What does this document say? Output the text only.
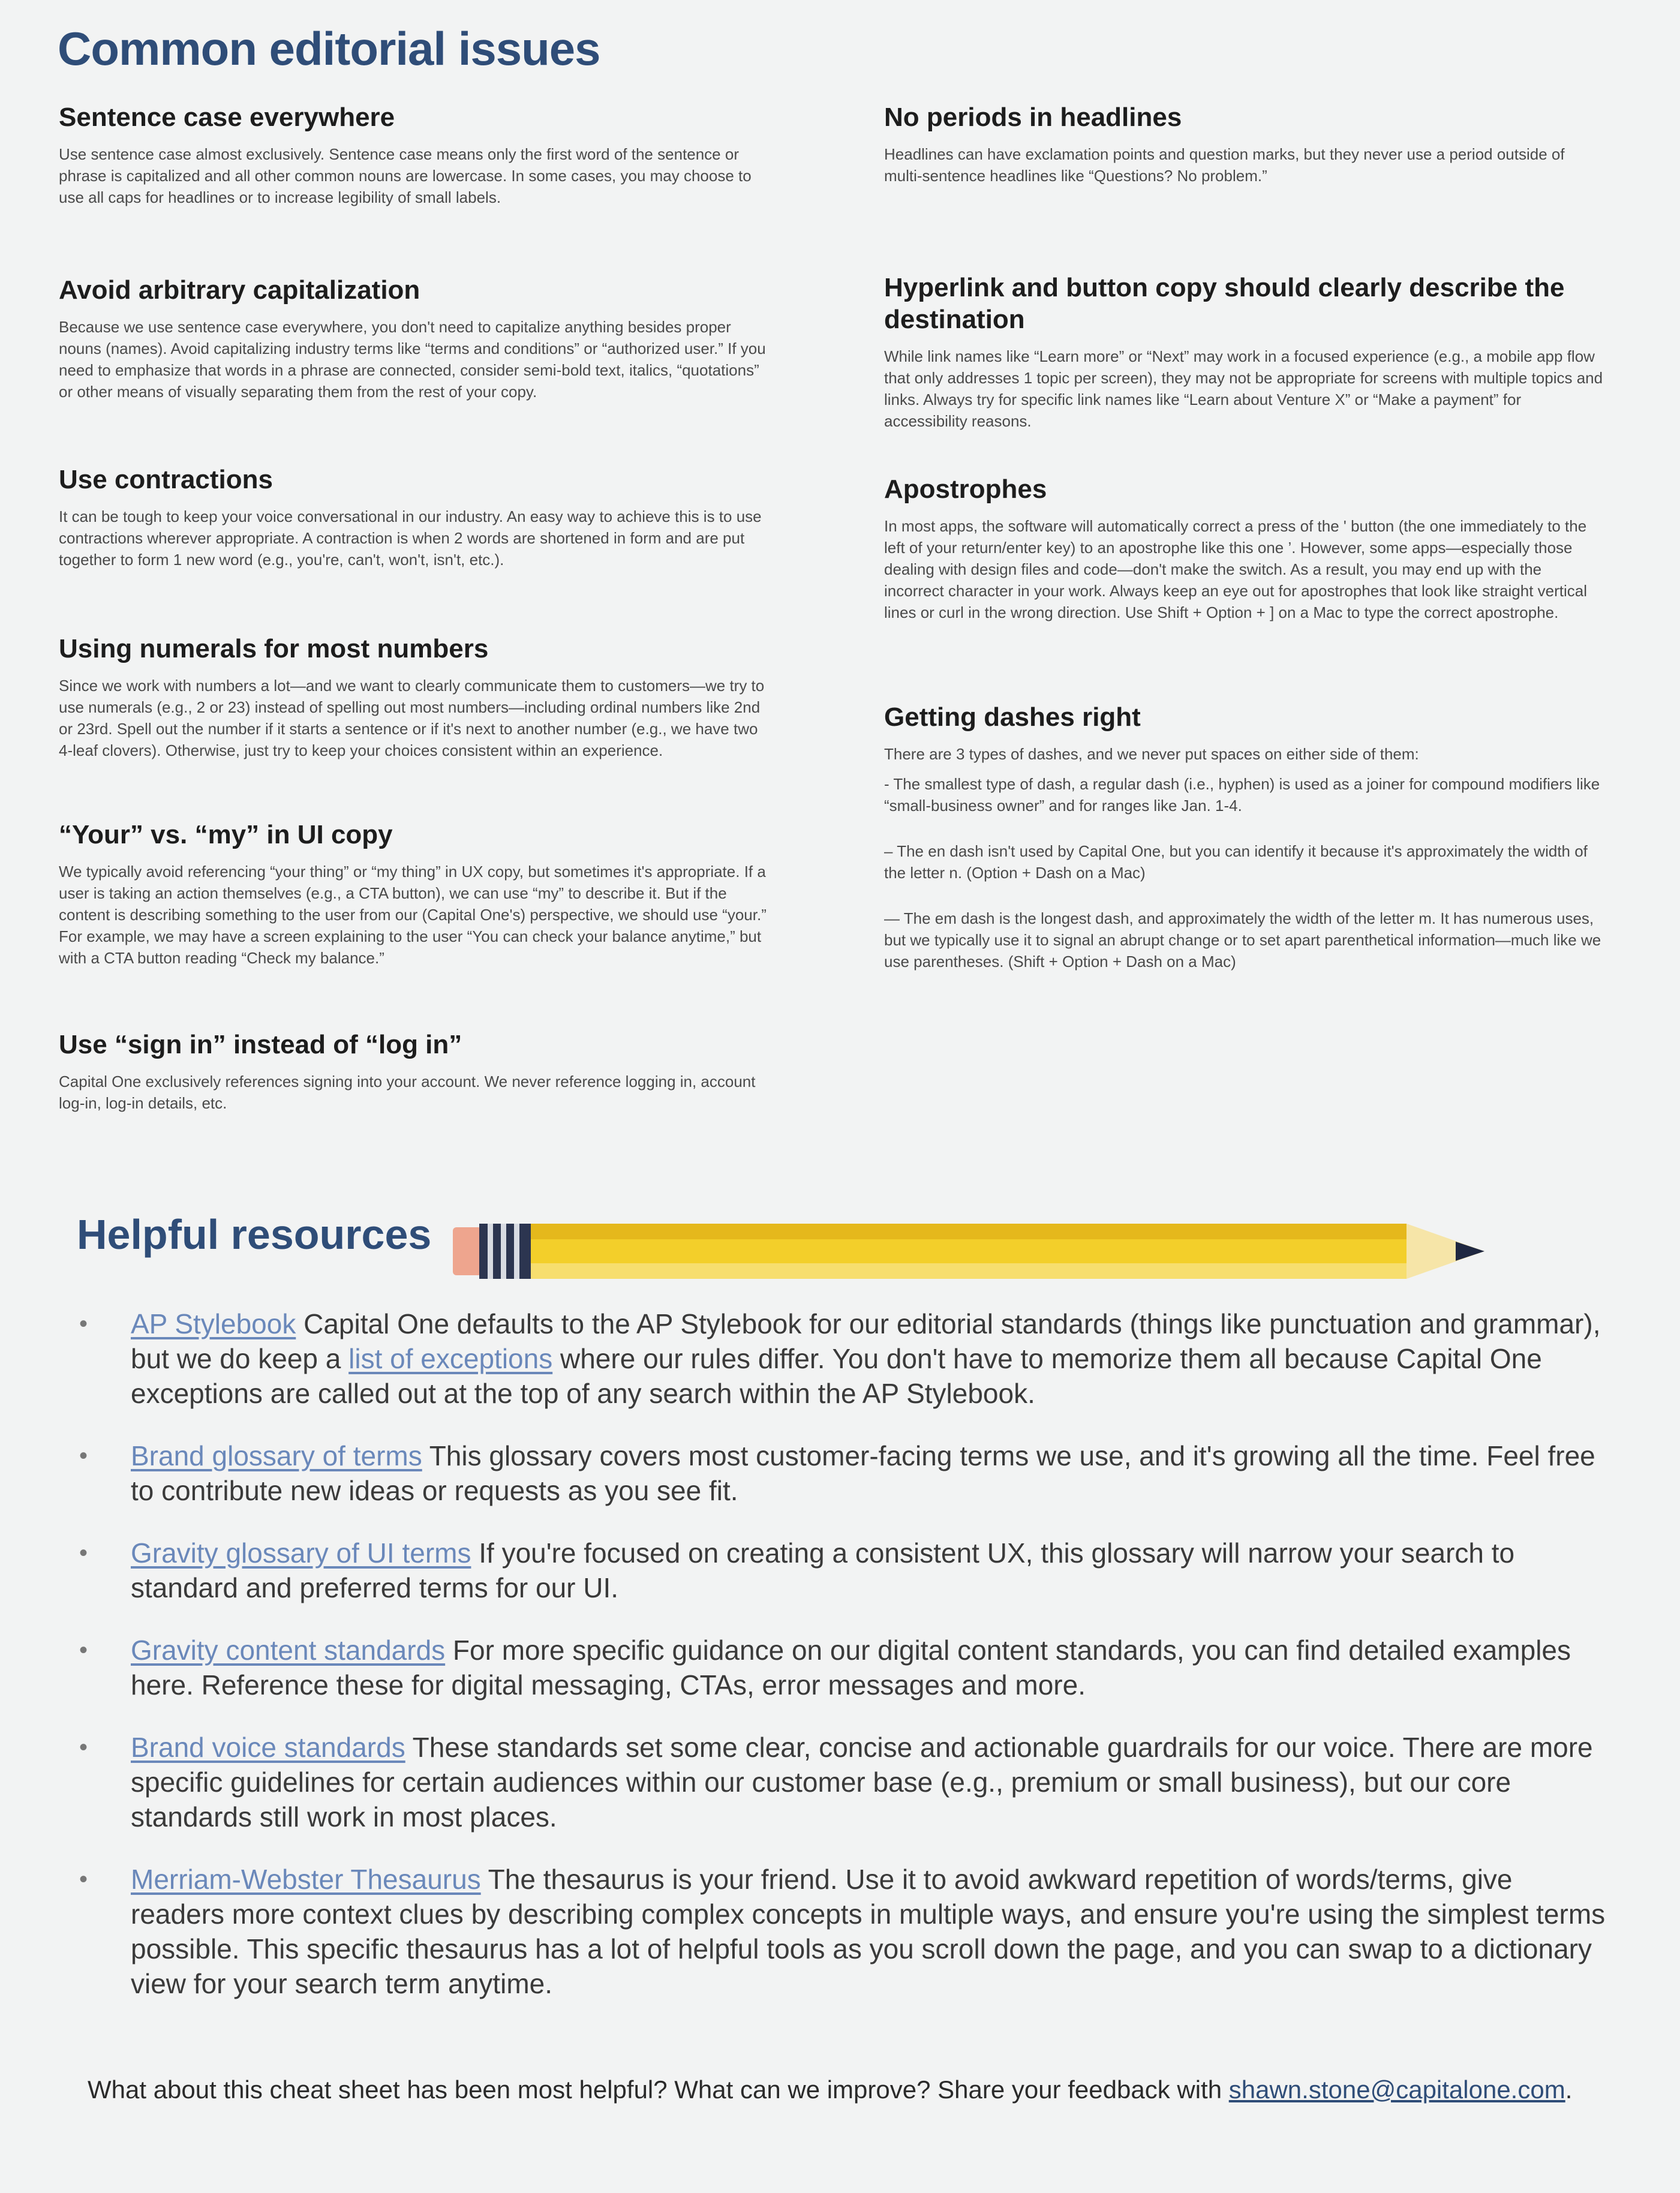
Common editorial issues
Sentence case everywhere

Use sentence case almost exclusively. Sentence case means only the first word of the sentence or phrase is capitalized and all other common nouns are lowercase. In some cases, you may choose to use all caps for headlines or to increase legibility of small labels.

Avoid arbitrary capitalization

Because we use sentence case everywhere, you don't need to capitalize anything besides proper nouns (names). Avoid capitalizing industry terms like “terms and conditions” or “authorized user.” If you need to emphasize that words in a phrase are connected, consider semi-bold text, italics, “quotations” or other means of visually separating them from the rest of your copy.

Use contractions

It can be tough to keep your voice conversational in our industry. An easy way to achieve this is to use contractions wherever appropriate. A contraction is when 2 words are shortened in form and are put together to form 1 new word (e.g., you're, can't, won't, isn't, etc.).

Using numerals for most numbers

Since we work with numbers a lot—and we want to clearly communicate them to customers—we try to use numerals (e.g., 2 or 23) instead of spelling out most numbers—including ordinal numbers like 2nd or 23rd. Spell out the number if it starts a sentence or if it's next to another number (e.g., we have two 4-leaf clovers). Otherwise, just try to keep your choices consistent within an experience.

“Your” vs. “my” in UI copy

We typically avoid referencing “your thing” or “my thing” in UX copy, but sometimes it's appropriate. If a user is taking an action themselves (e.g., a CTA button), we can use “my” to describe it. But if the content is describing something to the user from our (Capital One's) perspective, we should use “your.” For example, we may have a screen explaining to the user “You can check your balance anytime,” but with a CTA button reading “Check my balance.”

Use “sign in” instead of “log in”

Capital One exclusively references signing into your account. We never reference logging in, account log-in, log-in details, etc.

No periods in headlines

Headlines can have exclamation points and question marks, but they never use a period outside of multi-sentence headlines like “Questions? No problem.”

Hyperlink and button copy should clearly describe the destination

While link names like “Learn more” or “Next” may work in a focused experience (e.g., a mobile app flow that only addresses 1 topic per screen), they may not be appropriate for screens with multiple topics and links. Always try for specific link names like “Learn about Venture X” or “Make a payment” for accessibility reasons.

Apostrophes

In most apps, the software will automatically correct a press of the ' button (the one immediately to the left of your return/enter key) to an apostrophe like this one ’. However, some apps—especially those dealing with design files and code—don't make the switch. As a result, you may end up with the incorrect character in your work. Always keep an eye out for apostrophes that look like straight vertical lines or curl in the wrong direction. Use Shift + Option + ] on a Mac to type the correct apostrophe.

Getting dashes right

There are 3 types of dashes, and we never put spaces on either side of them:

- The smallest type of dash, a regular dash (i.e., hyphen) is used as a joiner for compound modifiers like “small-business owner” and for ranges like Jan. 1-4.

– The en dash isn't used by Capital One, but you can identify it because it's approximately the width of the letter n. (Option + Dash on a Mac)

— The em dash is the longest dash, and approximately the width of the letter m. It has numerous uses, but we typically use it to signal an abrupt change or to set apart parenthetical information—much like we use parentheses. (Shift + Option + Dash on a Mac)

Helpful resources
• AP Stylebook Capital One defaults to the AP Stylebook for our editorial standards (things like punctuation and grammar), but we do keep a list of exceptions where our rules differ. You don't have to memorize them all because Capital One exceptions are called out at the top of any search within the AP Stylebook.
• Brand glossary of terms This glossary covers most customer-facing terms we use, and it's growing all the time. Feel free to contribute new ideas or requests as you see fit.
• Gravity glossary of UI terms If you're focused on creating a consistent UX, this glossary will narrow your search to standard and preferred terms for our UI.
• Gravity content standards For more specific guidance on our digital content standards, you can find detailed examples here. Reference these for digital messaging, CTAs, error messages and more.
• Brand voice standards These standards set some clear, concise and actionable guardrails for our voice. There are more specific guidelines for certain audiences within our customer base (e.g., premium or small business), but our core standards still work in most places.
• Merriam-Webster Thesaurus The thesaurus is your friend. Use it to avoid awkward repetition of words/terms, give readers more context clues by describing complex concepts in multiple ways, and ensure you're using the simplest terms possible. This specific thesaurus has a lot of helpful tools as you scroll down the page, and you can swap to a dictionary view for your search term anytime.

What about this cheat sheet has been most helpful? What can we improve? Share your feedback with shawn.stone@capitalone.com.
